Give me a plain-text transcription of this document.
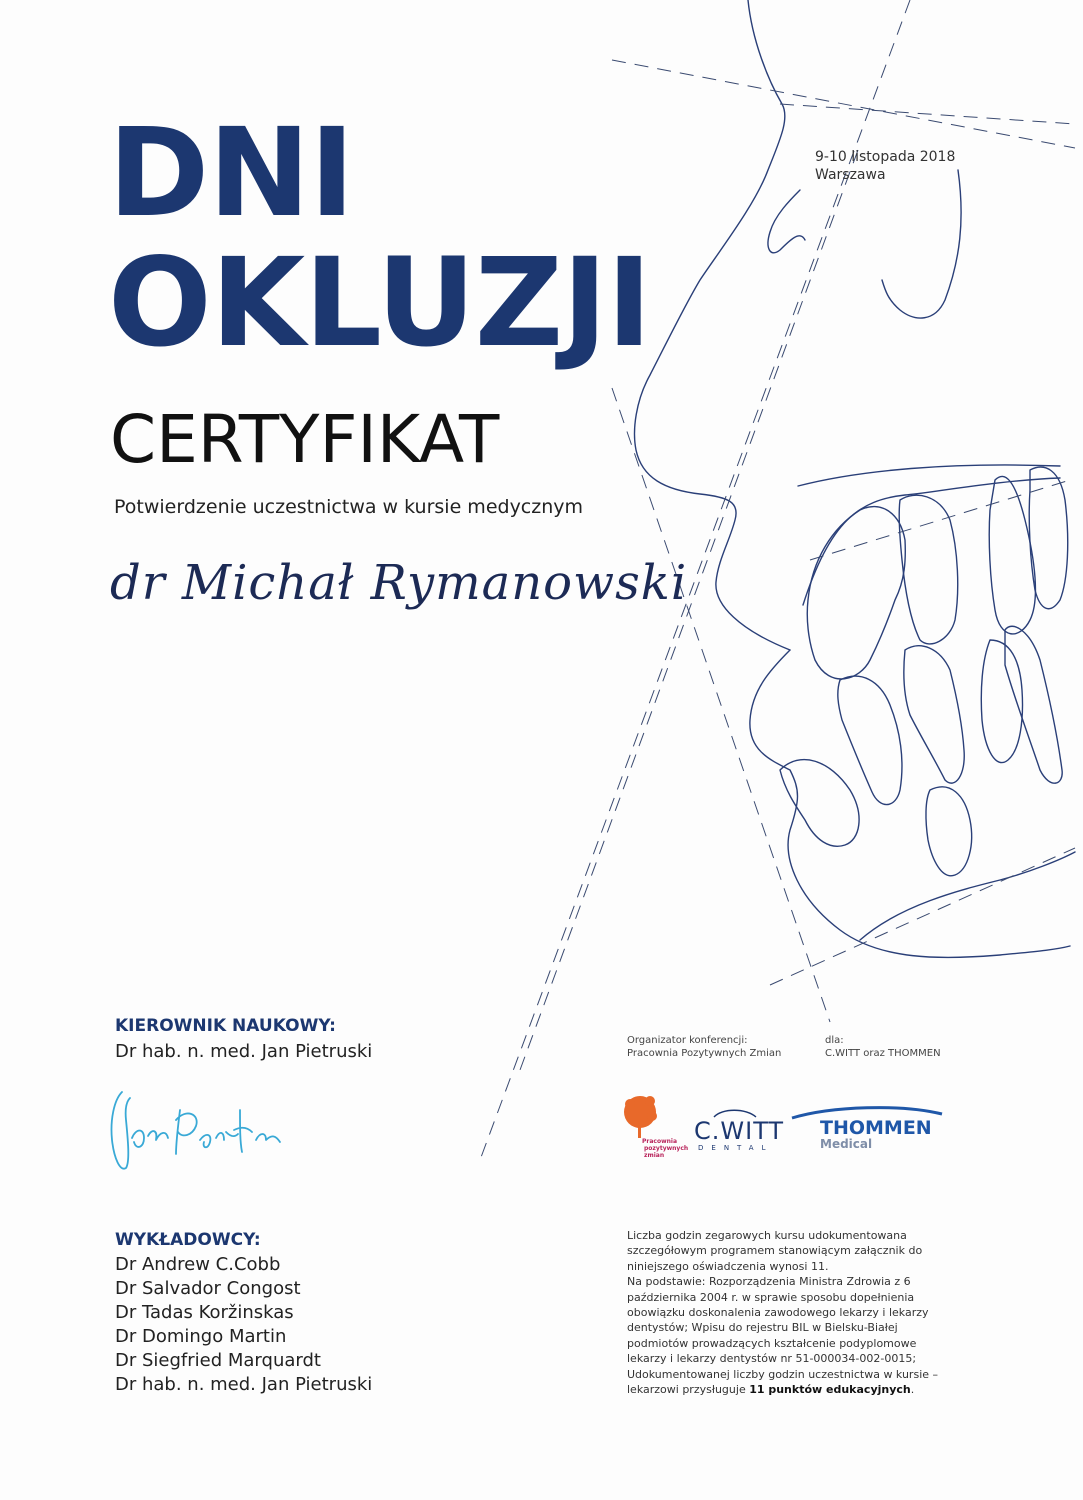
DNI
OKLUZJI
9-10 listopada 2018
Warszawa
CERTYFIKAT
Potwierdzenie uczestnictwa w kursie medycznym
dr Michał Rymanowski
KIEROWNIK NAUKOWY:
Dr hab. n. med. Jan Pietruski
WYKŁADOWCY:
Dr Andrew C.Cobb
Dr Salvador Congost
Dr Tadas Koržinskas
Dr Domingo Martin
Dr Siegfried Marquardt
Dr hab. n. med. Jan Pietruski
Organizator konferencji:
Pracownia Pozytywnych Zmian
dla:
C.WITT oraz THOMMEN
Pracownia
pozytywnych
zmian
C.WITT
DENTAL
THOMMEN
Medical
Liczba godzin zegarowych kursu udokumentowana
szczegółowym programem stanowiącym załącznik do
niniejszego oświadczenia wynosi 11.
Na podstawie: Rozporządzenia Ministra Zdrowia z 6
października 2004 r. w sprawie sposobu dopełnienia
obowiązku doskonalenia zawodowego lekarzy i lekarzy
dentystów; Wpisu do rejestru BIL w Bielsku-Białej
podmiotów prowadzących kształcenie podyplomowe
lekarzy i lekarzy dentystów nr 51-000034-002-0015;
Udokumentowanej liczby godzin uczestnictwa w kursie –
lekarzowi przysługuje 11 punktów edukacyjnych.
